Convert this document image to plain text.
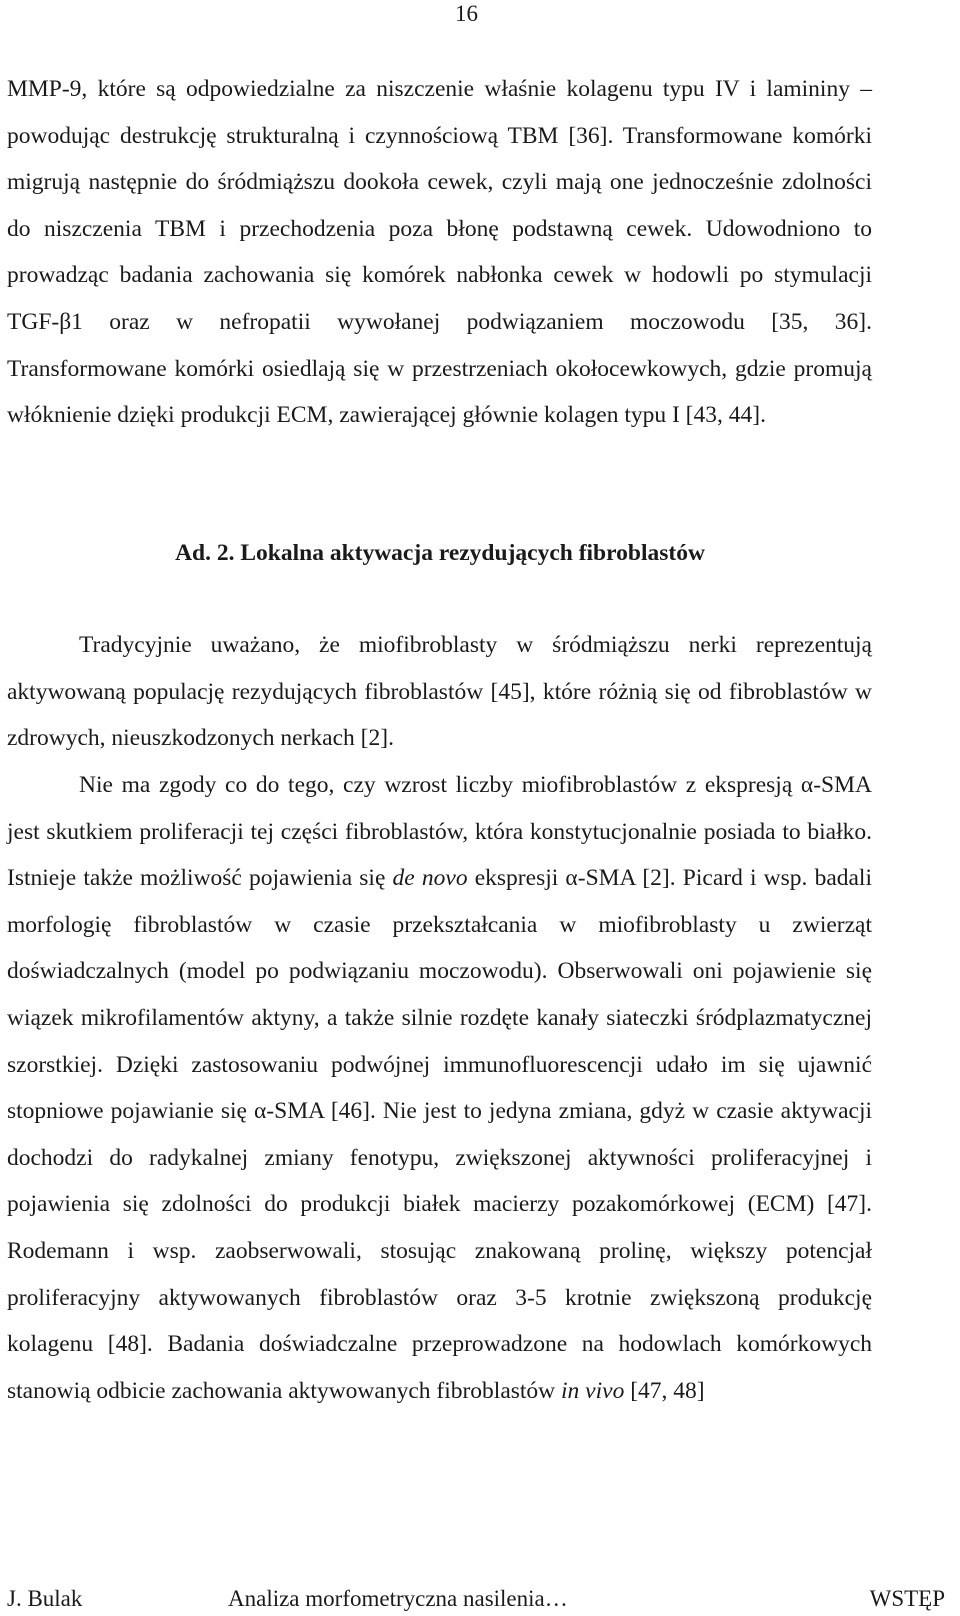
16

MMP-9, które są odpowiedzialne za niszczenie właśnie kolagenu typu IV i lamininy – powodując destrukcję strukturalną i czynnościową TBM [36]. Transformowane komórki migrują następnie do śródmiąższu dookoła cewek, czyli mają one jednocześnie zdolności do niszczenia TBM i przechodzenia poza błonę podstawną cewek. Udowodniono to prowadząc badania zachowania się komórek nabłonka cewek w hodowli po stymulacji TGF-β1 oraz w nefropatii wywołanej podwiązaniem moczowodu [35, 36]. Transformowane komórki osiedlają się w przestrzeniach okołocewkowych, gdzie promują włóknienie dzięki produkcji ECM, zawierającej głównie kolagen typu I [43, 44].

Ad. 2. Lokalna aktywacja rezydujących fibroblastów

Tradycyjnie uważano, że miofibroblasty w śródmiąższu nerki reprezentują aktywowaną populację rezydujących fibroblastów [45], które różnią się od fibroblastów w zdrowych, nieuszkodzonych nerkach [2].

Nie ma zgody co do tego, czy wzrost liczby miofibroblastów z ekspresją α-SMA jest skutkiem proliferacji tej części fibroblastów, która konstytucjonalnie posiada to białko. Istnieje także możliwość pojawienia się de novo ekspresji α-SMA [2]. Picard i wsp. badali morfologię fibroblastów w czasie przekształcania w miofibroblasty u zwierząt doświadczalnych (model po podwiązaniu moczowodu). Obserwowali oni pojawienie się wiązek mikrofilamentów aktyny, a także silnie rozdęte kanały siateczki śródplazmatycznej szorstkiej. Dzięki zastosowaniu podwójnej immunofluorescencji udało im się ujawnić stopniowe pojawianie się α-SMA [46]. Nie jest to jedyna zmiana, gdyż w czasie aktywacji dochodzi do radykalnej zmiany fenotypu, zwiększonej aktywności proliferacyjnej i pojawienia się zdolności do produkcji białek macierzy pozakomórkowej (ECM) [47]. Rodemann i wsp. zaobserwowali, stosując znakowaną prolinę, większy potencjał proliferacyjny aktywowanych fibroblastów oraz 3-5 krotnie zwiększoną produkcję kolagenu [48]. Badania doświadczalne przeprowadzone na hodowlach komórkowych stanowią odbicie zachowania aktywowanych fibroblastów in vivo [47, 48]

J. Bulak	Analiza morfometryczna nasilenia…	WSTĘP
